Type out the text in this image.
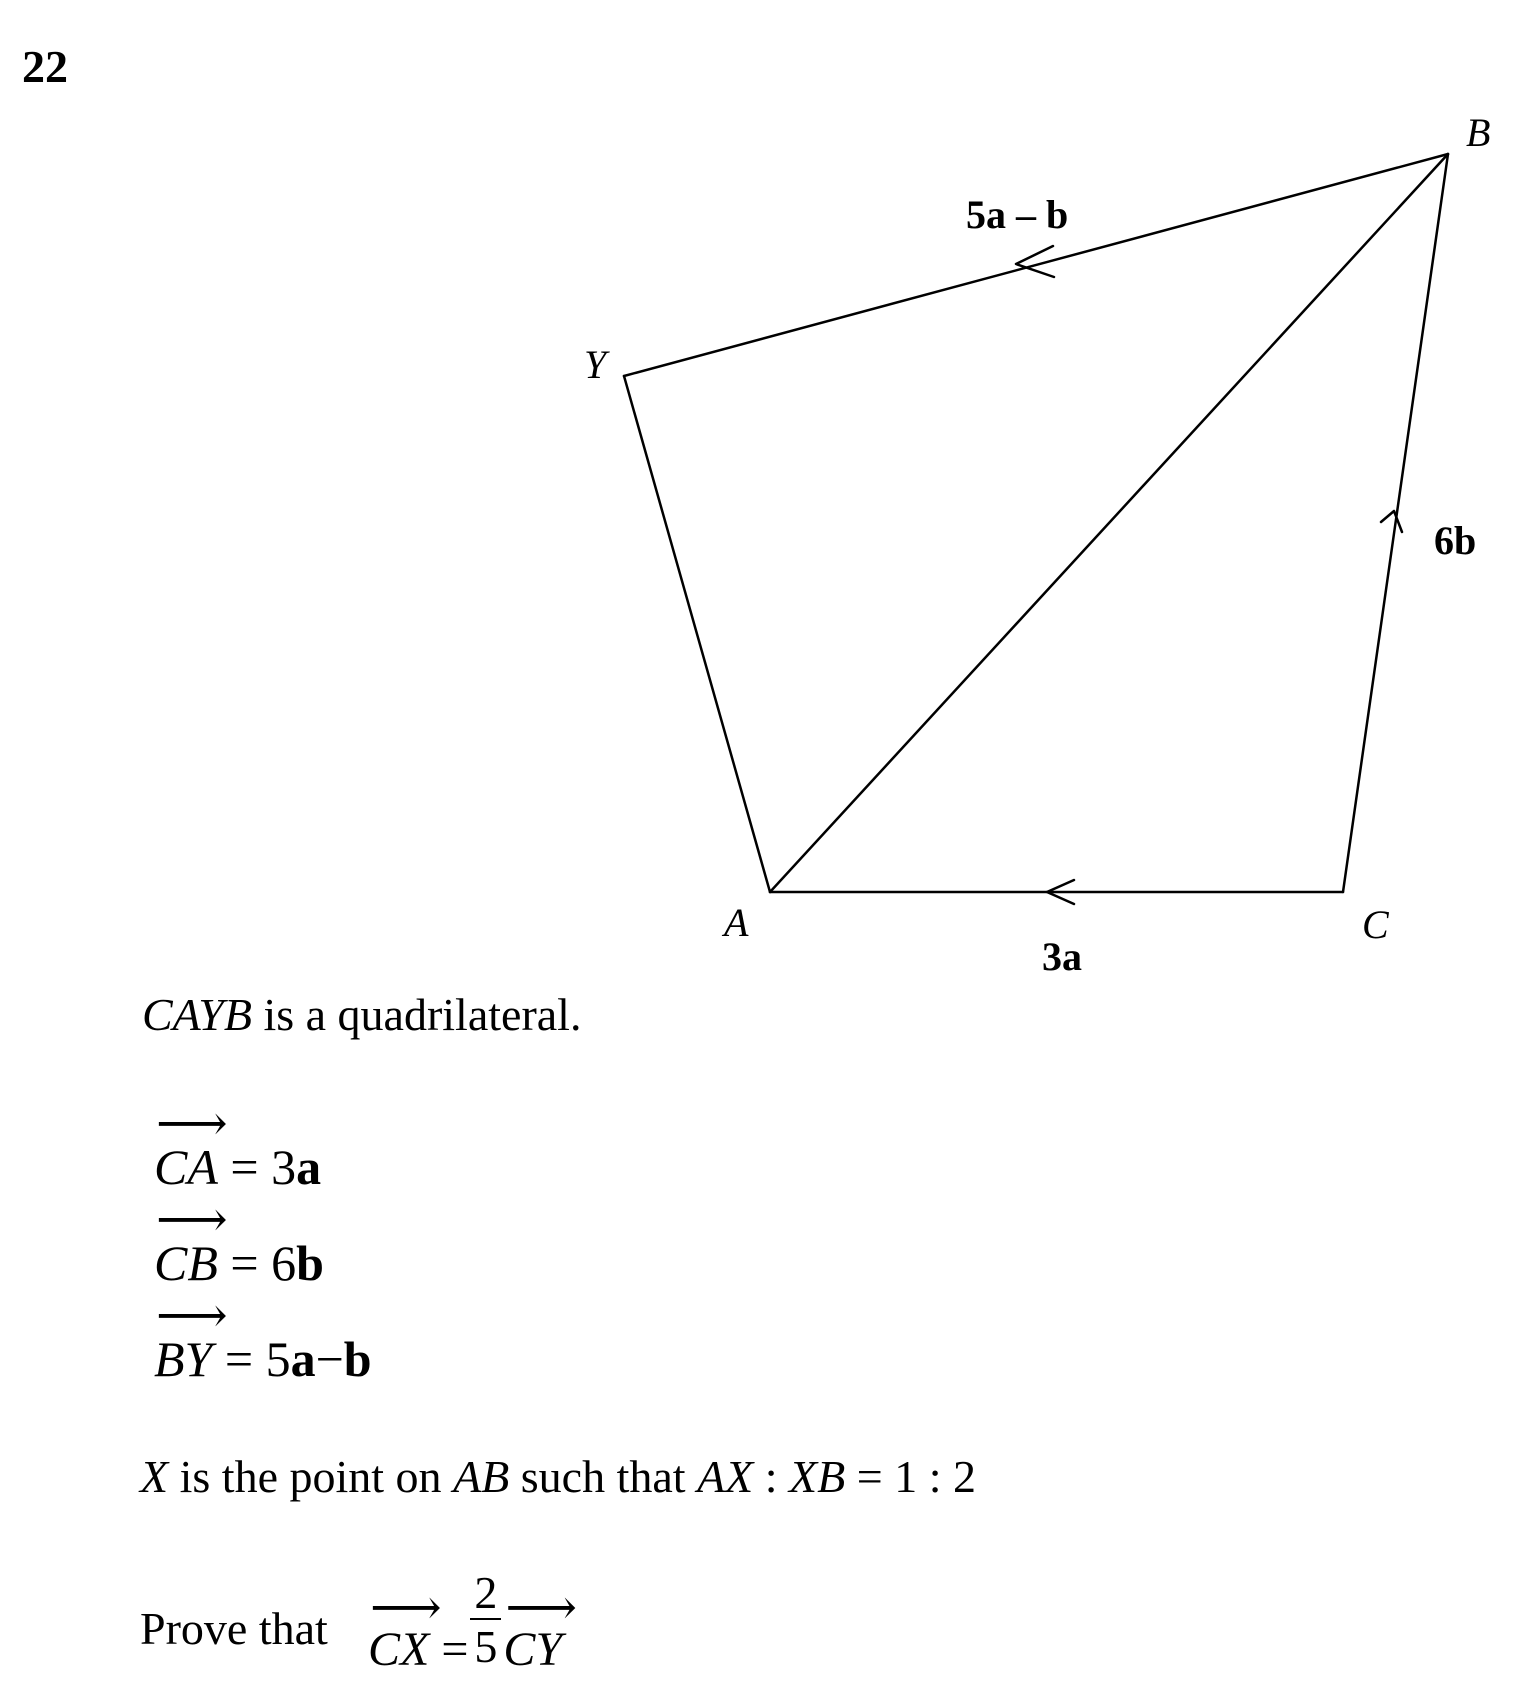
22
B
Y
A	C
5a – b
6b
3a
CAYB is a quadrilateral.
⟶
CA = 3a
⟶
CB = 6b
⟶
BY = 5a−b
X is the point on AB such that AX : XB = 1 : 2
Prove that ⟶
CX = $\frac{2}{5}$ ⟶
CY
